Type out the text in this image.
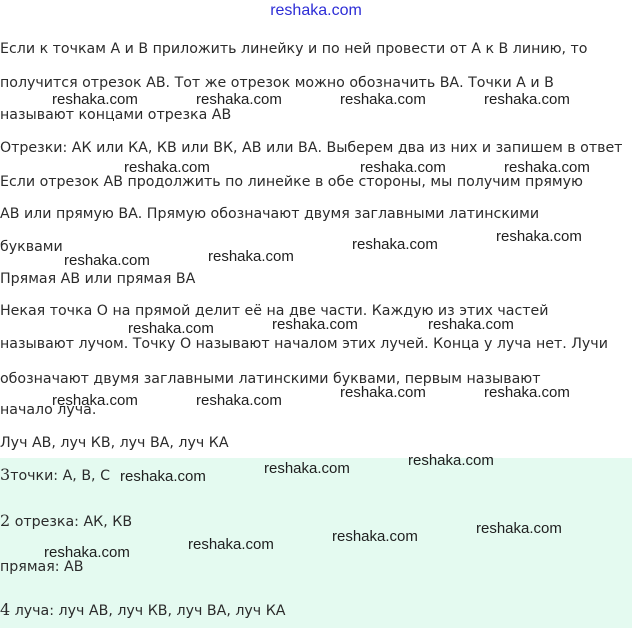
reshaka.com
Если к точкам А и В приложить линейку и по ней провести от А к В линию, то
получится отрезок АВ. Тот же отрезок можно обозначить ВА. Точки А и В
называют концами отрезка АВ
Отрезки: АК или КА, КВ или ВК, АВ или ВА. Выберем два из них и запишем в ответ
Если отрезок АВ продолжить по линейке в обе стороны, мы получим прямую
АВ или прямую ВА. Прямую обозначают двумя заглавными латинскими
буквами
Прямая АВ или прямая ВА
Некая точка О на прямой делит её на две части. Каждую из этих частей
называют лучом. Точку О называют началом этих лучей. Конца у луча нет. Лучи
обозначают двумя заглавными латинскими буквами, первым называют
начало луча.
Луч АВ, луч КВ, луч ВА, луч КА
3точки: A, B, C
2 отрезка: АК, КВ
прямая: АВ
4 луча: луч АВ, луч КВ, луч ВА, луч КА
reshaka.com	reshaka.com	reshaka.com	reshaka.com
reshaka.com	reshaka.com	reshaka.com
reshaka.com
reshaka.com
reshaka.com
reshaka.com
reshaka.com	reshaka.com
reshaka.com
reshaka.com	reshaka.com
reshaka.com	reshaka.com
reshaka.com
reshaka.com
reshaka.com
reshaka.com
reshaka.com
reshaka.com
reshaka.com
